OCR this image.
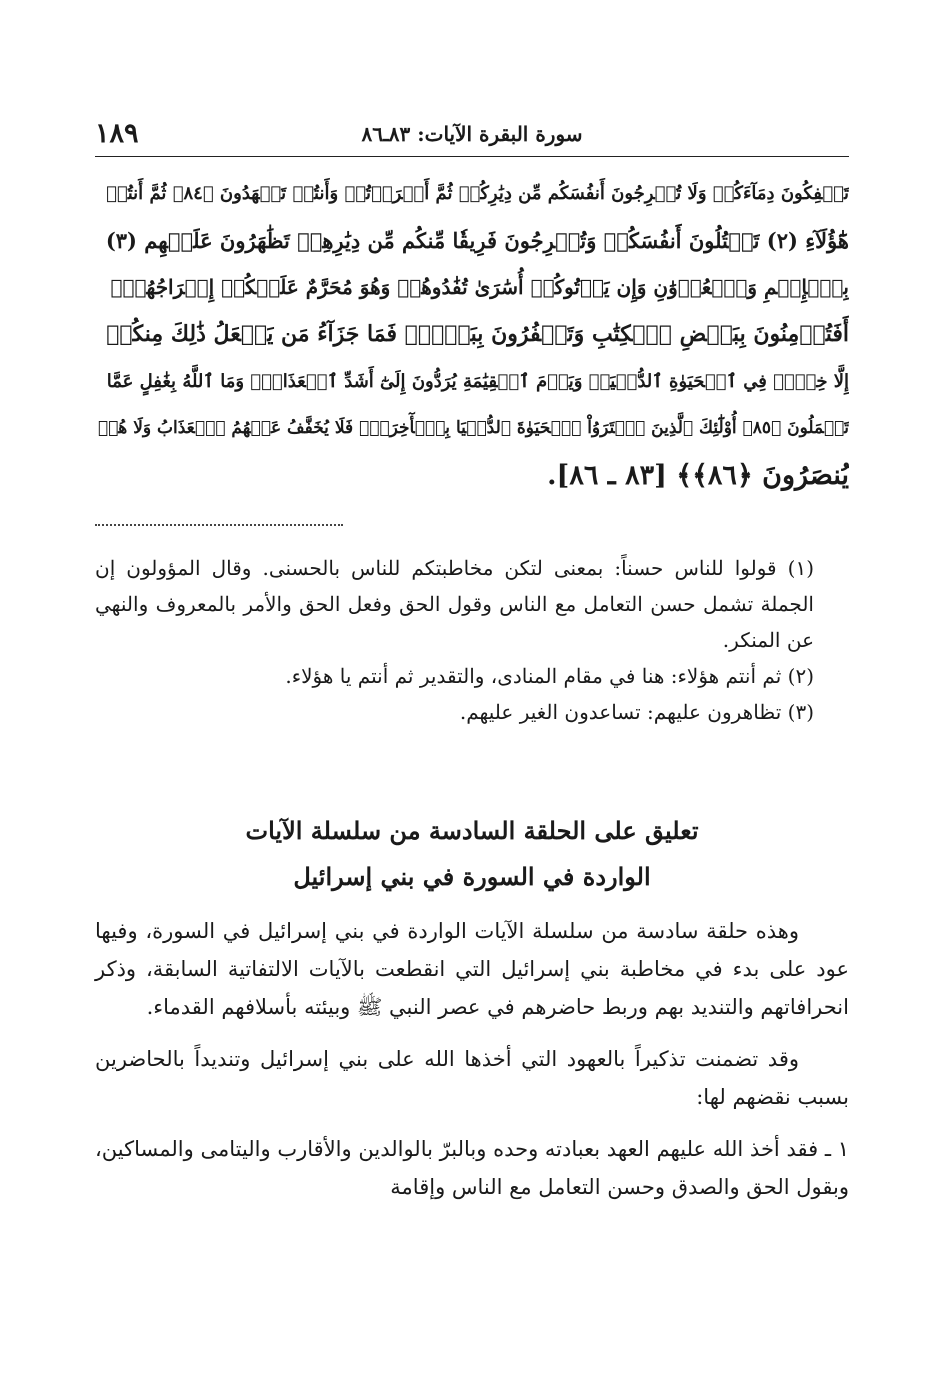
١٨٩	سورة البقرة الآيات: ٨٣ـ٨٦
تَسۡفِكُونَ دِمَآءَكُمۡ وَلَا تُخۡرِجُونَ أَنفُسَكُم مِّن دِيَٰرِكُمۡ ثُمَّ أَقۡرَرۡتُمۡ وَأَنتُمۡ تَشۡهَدُونَ ﴿٨٤﴾ ثُمَّ أَنتُمۡ
هَٰٓؤُلَآءِ (٢) تَقۡتُلُونَ أَنفُسَكُمۡ وَتُخۡرِجُونَ فَرِيقٗا مِّنكُم مِّن دِيَٰرِهِمۡ تَظَٰهَرُونَ عَلَيۡهِم (٣)
بِٱلۡإِثۡمِ وَٱلۡعُدۡوَٰنِ وَإِن يَأۡتُوكُمۡ أُسَٰرَىٰ تُفَٰدُوهُمۡ وَهُوَ مُحَرَّمٌ عَلَيۡكُمۡ إِخۡرَاجُهُمۡۚ
أَفَتُؤۡمِنُونَ بِبَعۡضِ ٱلۡكِتَٰبِ وَتَكۡفُرُونَ بِبَعۡضٖۚ فَمَا جَزَآءُ مَن يَفۡعَلُ ذَٰلِكَ مِنكُمۡ
إِلَّا خِزۡيٞ فِي ٱلۡحَيَوٰةِ ٱلدُّنۡيَاۖ وَيَوۡمَ ٱلۡقِيَٰمَةِ يُرَدُّونَ إِلَىٰٓ أَشَدِّ ٱلۡعَذَابِۗ وَمَا ٱللَّهُ بِغَٰفِلٍ عَمَّا
تَعۡمَلُونَ ﴿٨٥﴾ أُوْلَٰٓئِكَ ٱلَّذِينَ ٱشۡتَرَوُاْ ٱلۡحَيَوٰةَ ٱلدُّنۡيَا بِٱلۡأٓخِرَةِۖ فَلَا يُخَفَّفُ عَنۡهُمُ ٱلۡعَذَابُ وَلَا هُمۡ
يُنصَرُونَ ﴿٨٦﴾﴾ [٨٣ ـ ٨٦].
(١) قولوا للناس حسناً: بمعنى لتكن مخاطبتكم للناس بالحسنى. وقال المؤولون إن الجملة تشمل حسن التعامل مع الناس وقول الحق وفعل الحق والأمر بالمعروف والنهي عن المنكر.
(٢) ثم أنتم هؤلاء: هنا في مقام المنادى، والتقدير ثم أنتم يا هؤلاء.
(٣) تظاهرون عليهم: تساعدون الغير عليهم.
تعليق على الحلقة السادسة من سلسلة الآيات
الواردة في السورة في بني إسرائيل
وهذه حلقة سادسة من سلسلة الآيات الواردة في بني إسرائيل في السورة، وفيها عود على بدء في مخاطبة بني إسرائيل التي انقطعت بالآيات الالتفاتية السابقة، وذكر انحرافاتهم والتنديد بهم وربط حاضرهم في عصر النبي ﷺ وبيئته بأسلافهم القدماء.
وقد تضمنت تذكيراً بالعهود التي أخذها الله على بني إسرائيل وتنديداً بالحاضرين بسبب نقضهم لها:
١ ـ فقد أخذ الله عليهم العهد بعبادته وحده وبالبرّ بالوالدين والأقارب واليتامى والمساكين، وبقول الحق والصدق وحسن التعامل مع الناس وإقامة
